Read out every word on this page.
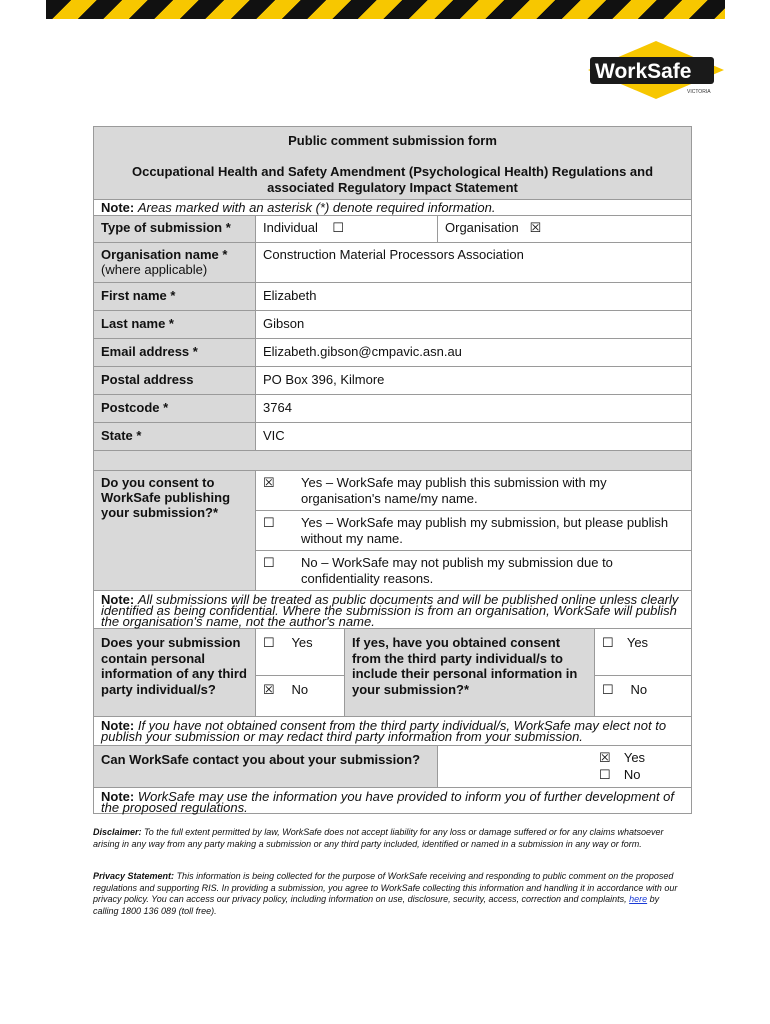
WorkSafe
VICTORIA
Public comment submission form
Occupational Health and Safety Amendment (Psychological Health) Regulations and associated Regulatory Impact Statement				

Note: Areas marked with an asterisk (*) denote required information.				
Type of submission *	Individual ☐		Organisation ☒	

Organisation name *
(where applicable)	Construction Material Processors Association			
First name *	Elizabeth			
Last name *	Gibson			
Email address *	Elizabeth.gibson@cmpavic.asn.au			
Postal address	PO Box 396, Kilmore			
Postcode *	3764			
State *	VIC			

Do you consent to WorkSafe publishing your submission?*	☒ Yes – WorkSafe may publish this submission with my organisation's name/my name.			

	☐ Yes – WorkSafe may publish my submission, but please publish without my name.			

	☐ No – WorkSafe may not publish my submission due to confidentiality reasons.			

Note: All submissions will be treated as public documents and will be published online unless clearly identified as being confidential. Where the submission is from an organisation, WorkSafe will publish the organisation's name, not the author's name.				
Does your submission contain personal information of any third party individual/s?	☐ Yes	If yes, have you obtained consent from the third party individual/s to include their personal information in your submission?*		☐ Yes
	☒ No			☐ No
Note: If you have not obtained consent from the third party individual/s, WorkSafe may elect not to publish your submission or may redact third party information from your submission.				
Can WorkSafe contact you about your submission?			☒ Yes
☐ No	

Note: WorkSafe may use the information you have provided to inform you of further development of the proposed regulations.				
Disclaimer: To the full extent permitted by law, WorkSafe does not accept liability for any loss or damage suffered or for any claims whatsoever arising in any way from any party making a submission or any third party included, identified or named in a submission in any way or form.
Privacy Statement: This information is being collected for the purpose of WorkSafe receiving and responding to public comment on the proposed regulations and supporting RIS. In providing a submission, you agree to WorkSafe collecting this information and handling it in accordance with our privacy policy. You can access our privacy policy, including information on use, disclosure, security, access, correction and complaints, here by calling 1800 136 089 (toll free).
